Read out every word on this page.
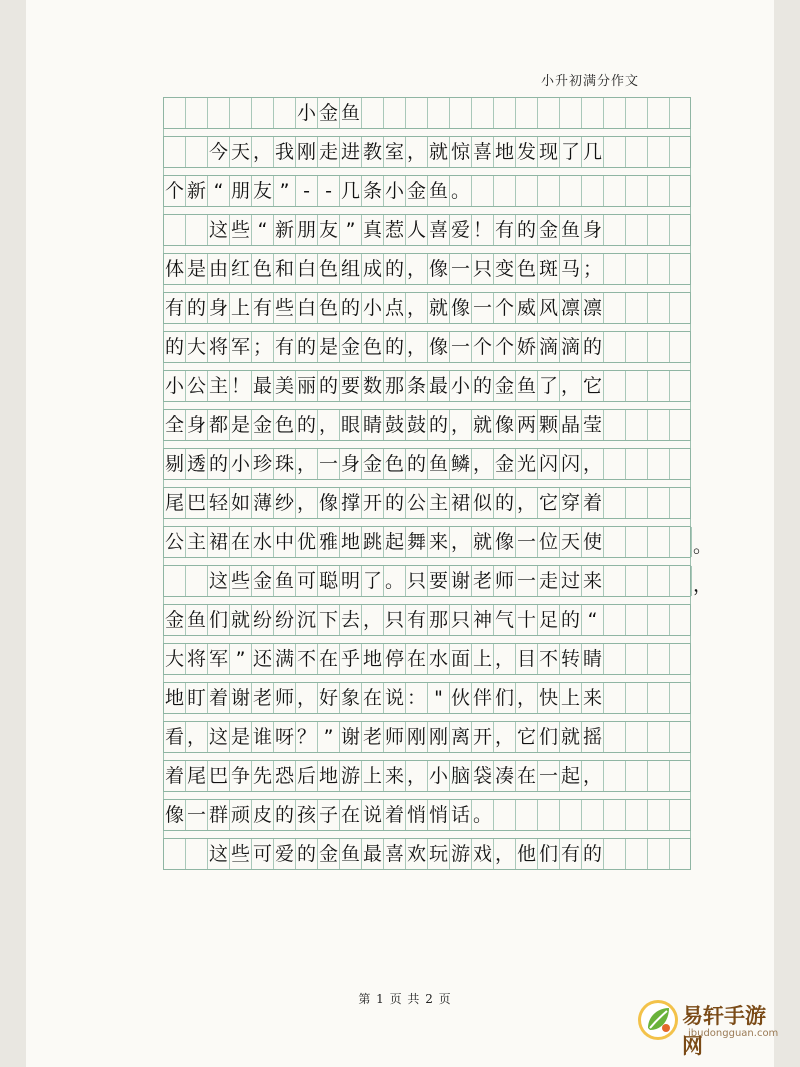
小升初满分作文
小 金 鱼
今 天 ， 我 刚 走 进 教 室 ， 就 惊 喜 地 发 现 了 几
个 新 “ 朋 友 ” - - 几 条 小 金 鱼 。
这 些 “ 新 朋 友 ” 真 惹 人 喜 爱 ！ 有 的 金 鱼 身
体 是 由 红 色 和 白 色 组 成 的 ， 像 一 只 变 色 斑 马 ；
有 的 身 上 有 些 白 色 的 小 点 ， 就 像 一 个 威 风 凛 凛
的 大 将 军 ； 有 的 是 金 色 的 ， 像 一 个 个 娇 滴 滴 的
小 公 主 ！ 最 美 丽 的 要 数 那 条 最 小 的 金 鱼 了 ， 它
全 身 都 是 金 色 的 ， 眼 睛 鼓 鼓 的 ， 就 像 两 颗 晶 莹
剔 透 的 小 珍 珠 ， 一 身 金 色 的 鱼 鳞 ， 金 光 闪 闪 ，
尾 巴 轻 如 薄 纱 ， 像 撑 开 的 公 主 裙 似 的 ， 它 穿 着
公 主 裙 在 水 中 优 雅 地 跳 起 舞 来 ， 就 像 一 位 天 使	。
这 些 金 鱼 可 聪 明 了 。 只 要 谢 老 师 一 走 过 来	，
金 鱼 们 就 纷 纷 沉 下 去 ， 只 有 那 只 神 气 十 足 的 “
大 将 军 ” 还 满 不 在 乎 地 停 在 水 面 上 ， 目 不 转 睛
地 盯 着 谢 老 师 ， 好 象 在 说 ： " 伙 伴 们 ， 快 上 来
看 ， 这 是 谁 呀 ？ ” 谢 老 师 刚 刚 离 开 ， 它 们 就 摇
着 尾 巴 争 先 恐 后 地 游 上 来 ， 小 脑 袋 凑 在 一 起 ，
像 一 群 顽 皮 的 孩 子 在 说 着 悄 悄 话 。
这 些 可 爱 的 金 鱼 最 喜 欢 玩 游 戏 ， 他 们 有 的
第 1 页 共 2 页
易轩手游网
ibudongguan.com
